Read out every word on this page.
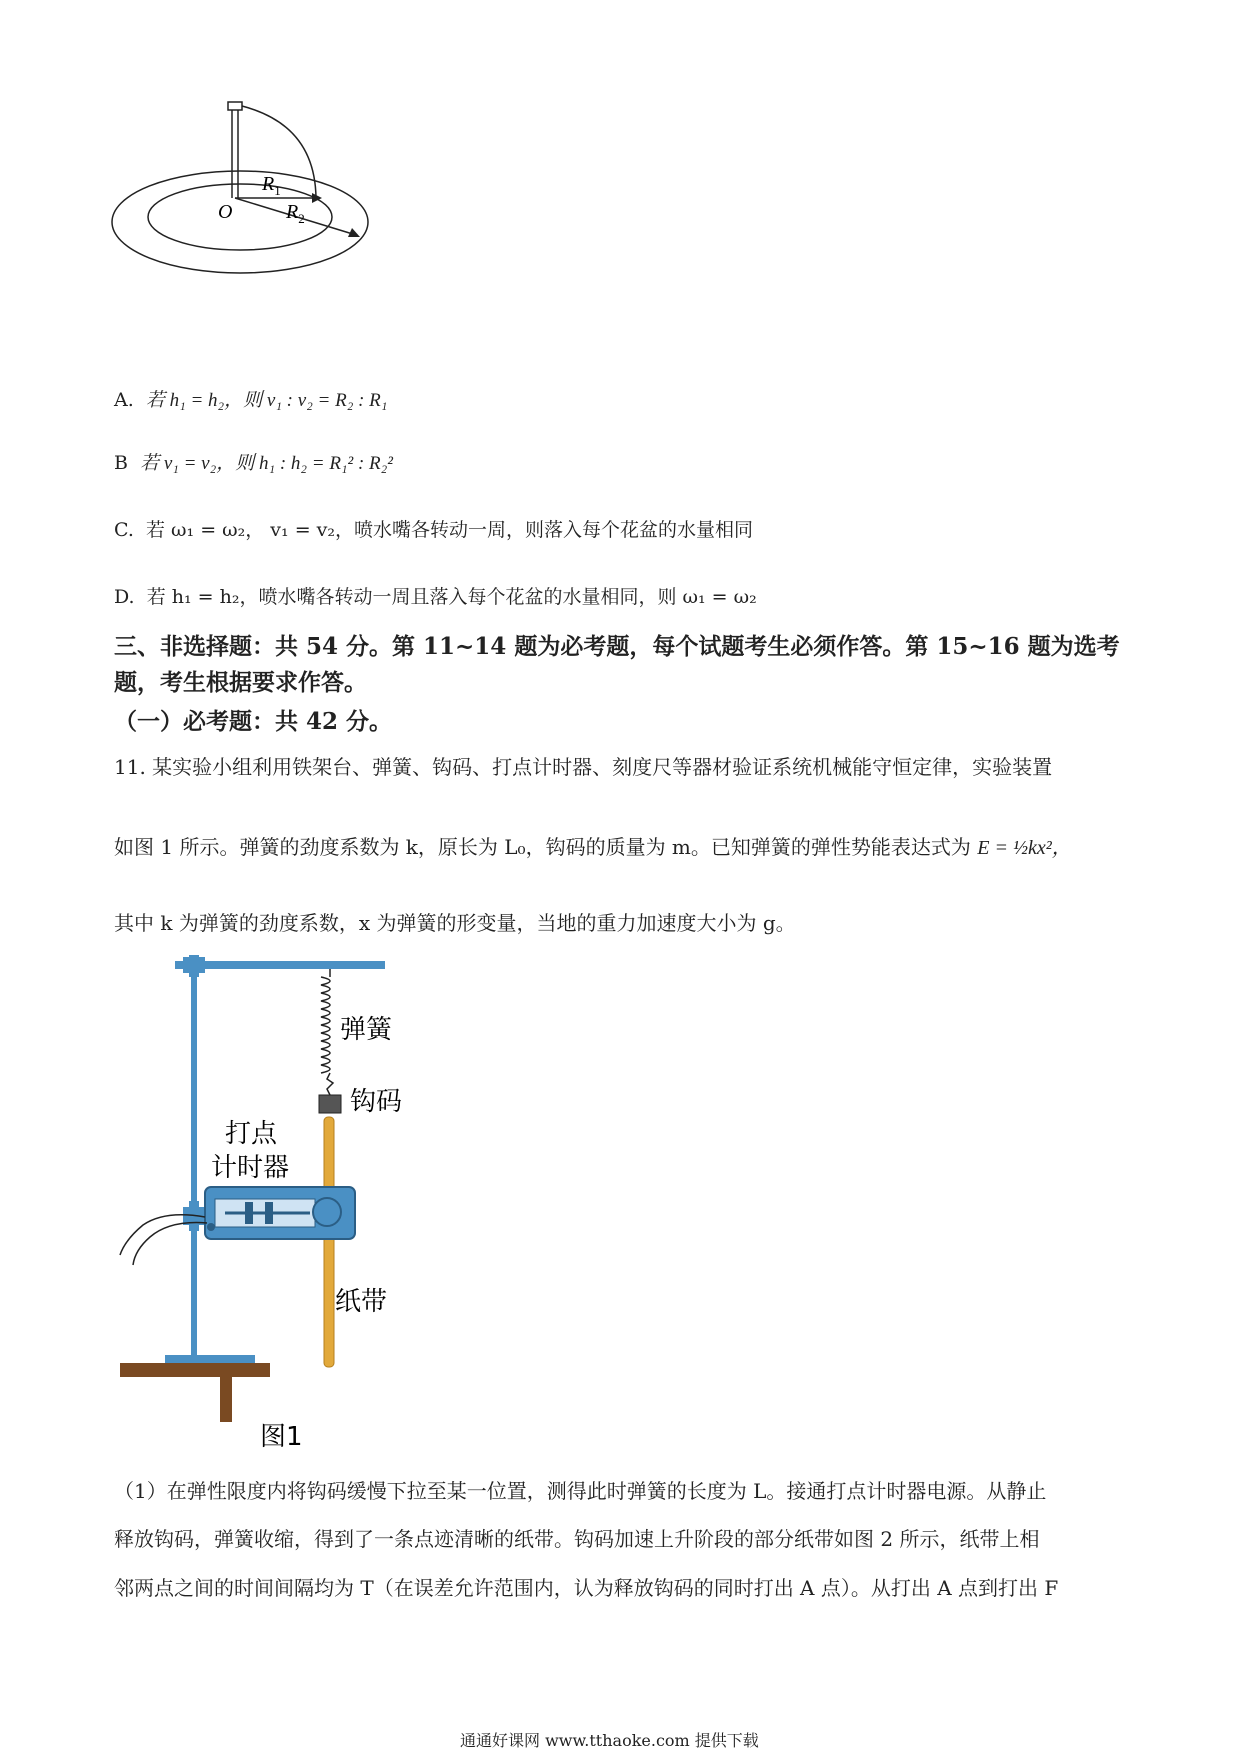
O
$R_1$
$R_2$
A. 若 h₁ = h₂，则 v₁ : v₂ = R₂ : R₁
B 若 v₁ = v₂，则 h₁ : h₂ = R₁² : R₂²
C. 若 ω₁ = ω₂， v₁ = v₂，喷水嘴各转动一周，则落入每个花盆的水量相同
D. 若 h₁ = h₂，喷水嘴各转动一周且落入每个花盆的水量相同，则 ω₁ = ω₂
三、非选择题：共 54 分。第 11~14 题为必考题，每个试题考生必须作答。第 15~16 题为选考
题，考生根据要求作答。
（一）必考题：共 42 分。
11. 某实验小组利用铁架台、弹簧、钩码、打点计时器、刻度尺等器材验证系统机械能守恒定律，实验装置
如图 1 所示。弹簧的劲度系数为 k，原长为 L₀，钩码的质量为 m。已知弹簧的弹性势能表达式为 E = ½kx²，
其中 k 为弹簧的劲度系数，x 为弹簧的形变量，当地的重力加速度大小为 g。
弹簧
钩码
打点
计时器
纸带
图1
（1）在弹性限度内将钩码缓慢下拉至某一位置，测得此时弹簧的长度为 L。接通打点计时器电源。从静止
释放钩码，弹簧收缩，得到了一条点迹清晰的纸带。钩码加速上升阶段的部分纸带如图 2 所示，纸带上相
邻两点之间的时间间隔均为 T（在误差允许范围内，认为释放钩码的同时打出 A 点）。从打出 A 点到打出 F
通通好课网 www.tthaoke.com 提供下载
